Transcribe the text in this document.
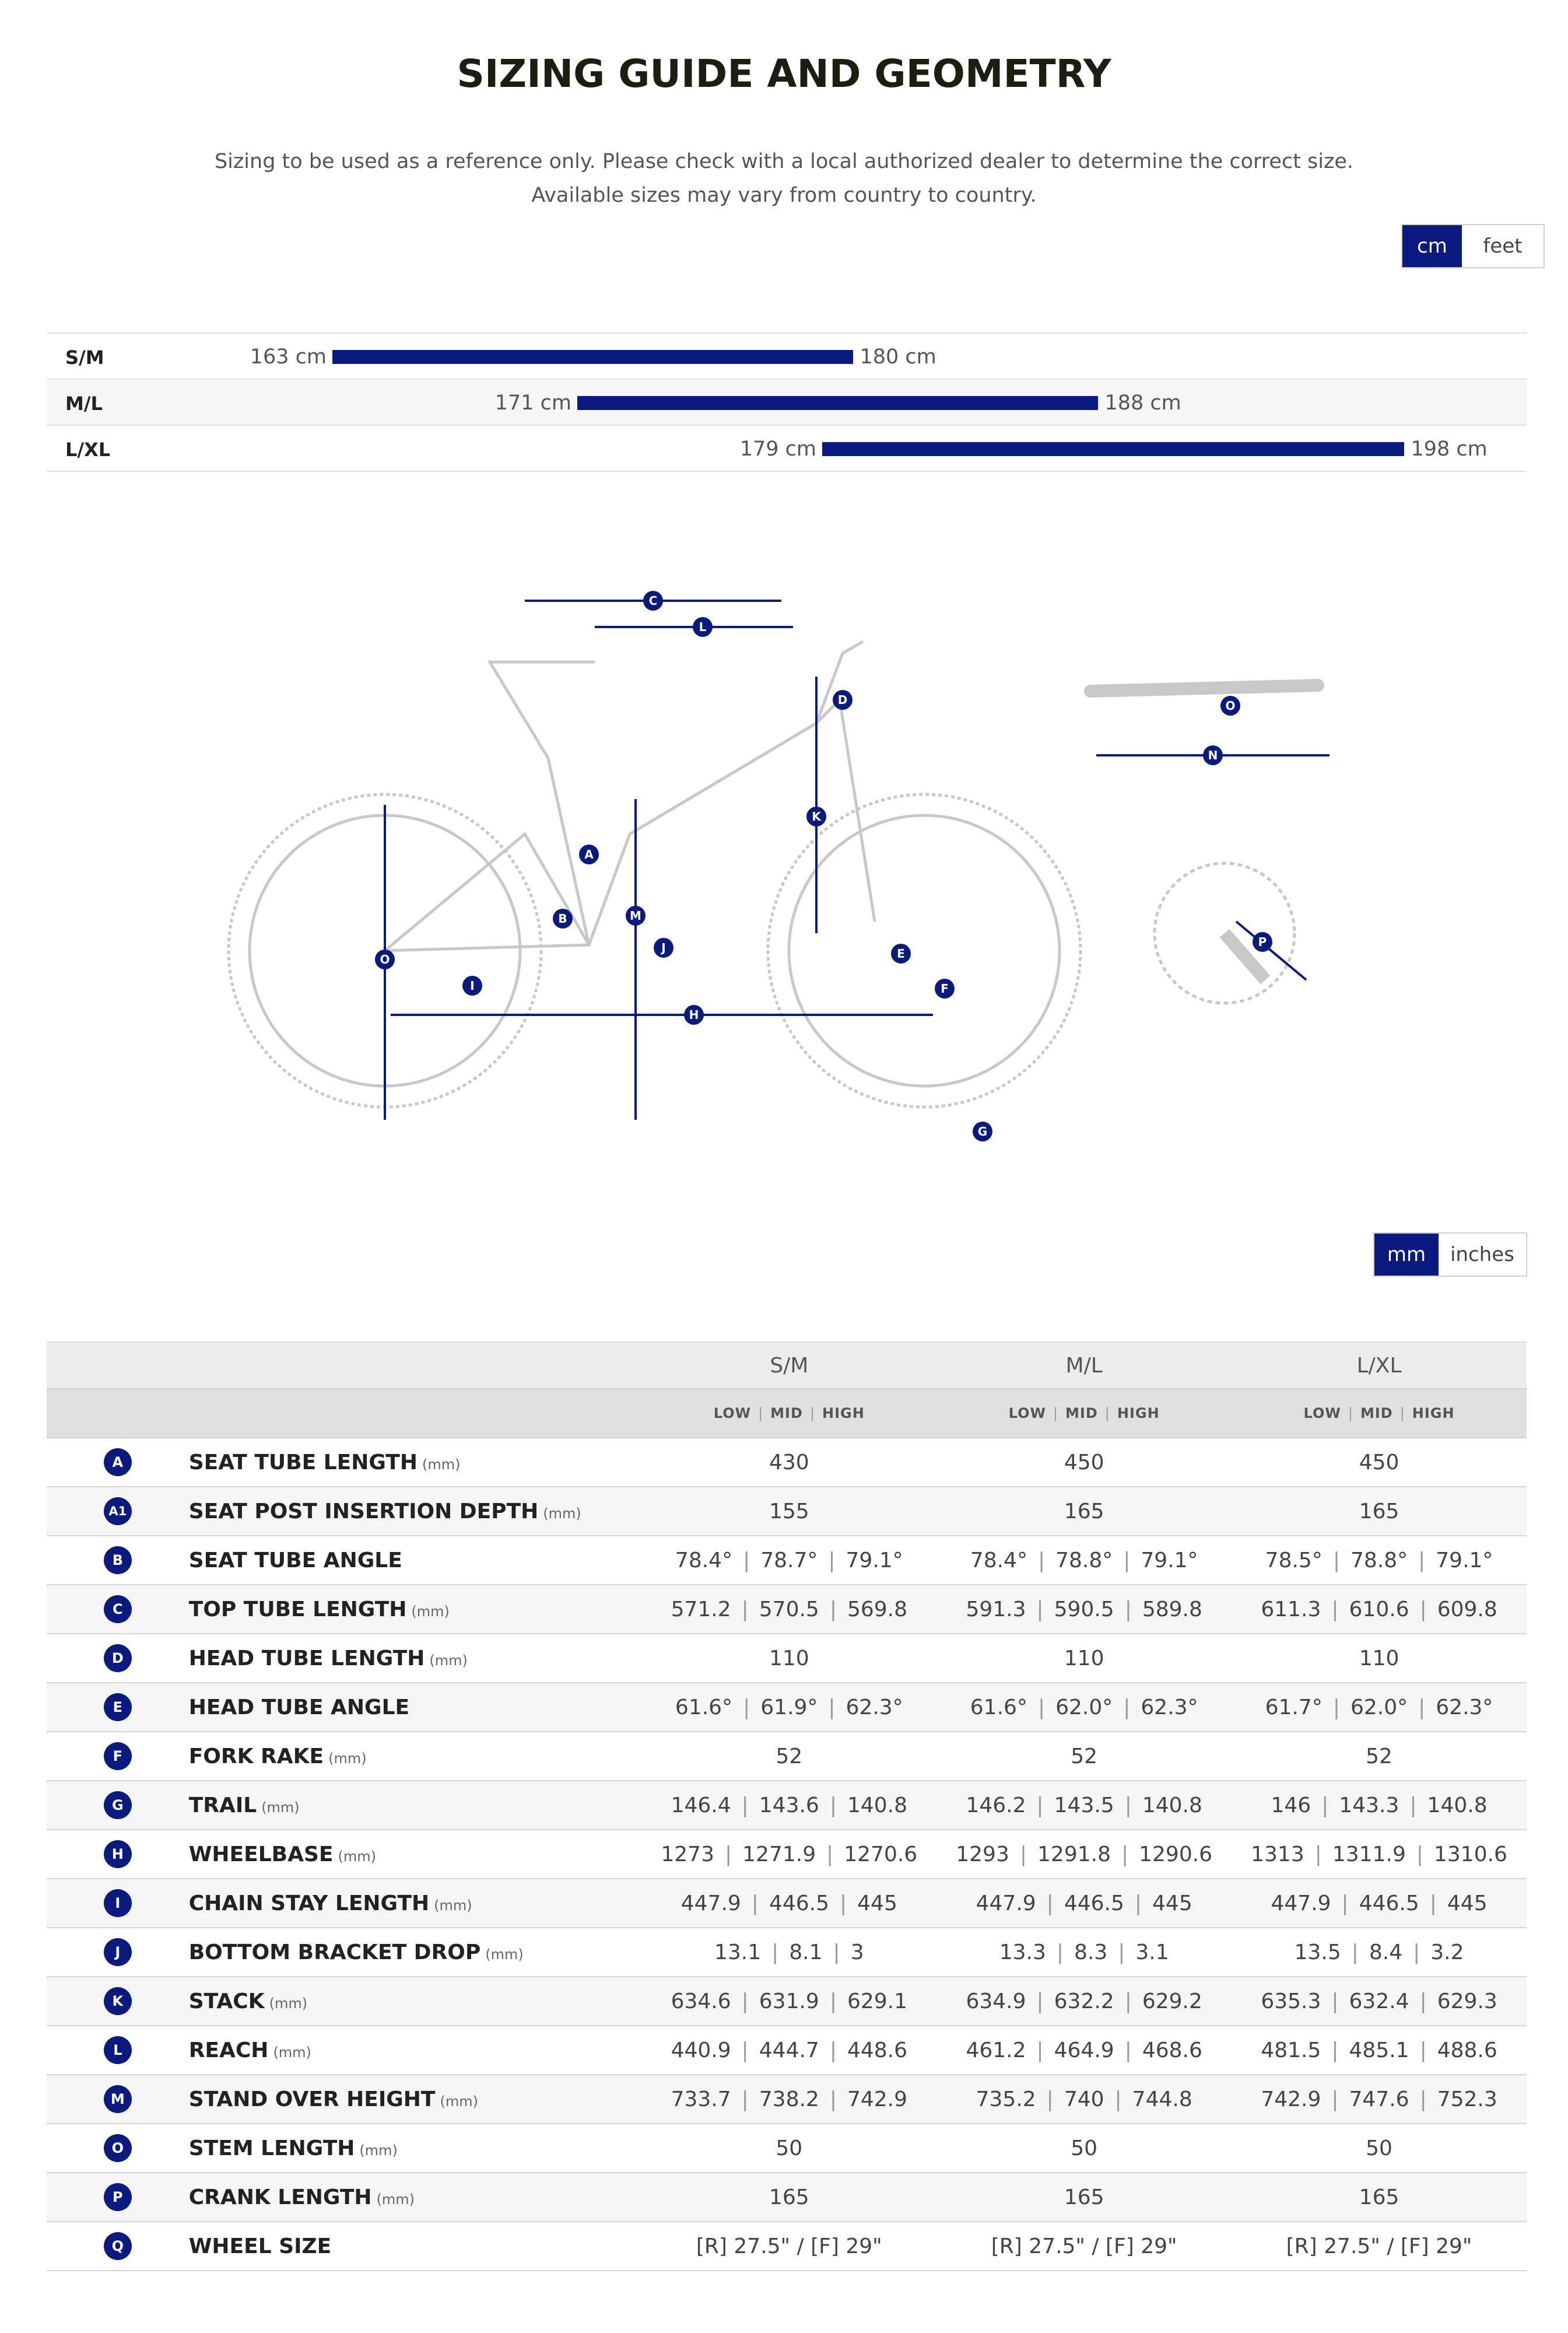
SIZING GUIDE AND GEOMETRY
Sizing to be used as a reference only. Please check with a local authorized dealer to determine the correct size.
Available sizes may vary from country to country.
cm	feet
S/M	163 cm	180 cm
M/L	171 cm	188 cm
L/XL	179 cm	198 cm
C
L
D
K
A
B	M
J
O
I
H
E
F
G
O
N
P
mm	inches
		S/M	M/L	L/XL
		LOW | MID | HIGH	LOW | MID | HIGH	LOW | MID | HIGH
A	SEAT TUBE LENGTH (mm)	430	450	450
A1	SEAT POST INSERTION DEPTH (mm)	155	165	165
B	SEAT TUBE ANGLE	78.4° | 78.7° | 79.1°	78.4° | 78.8° | 79.1°	78.5° | 78.8° | 79.1°
C	TOP TUBE LENGTH (mm)	571.2 | 570.5 | 569.8	591.3 | 590.5 | 589.8	611.3 | 610.6 | 609.8
D	HEAD TUBE LENGTH (mm)	110	110	110
E	HEAD TUBE ANGLE	61.6° | 61.9° | 62.3°	61.6° | 62.0° | 62.3°	61.7° | 62.0° | 62.3°
F	FORK RAKE (mm)	52	52	52
G	TRAIL (mm)	146.4 | 143.6 | 140.8	146.2 | 143.5 | 140.8	146 | 143.3 | 140.8
H	WHEELBASE (mm)	1273 | 1271.9 | 1270.6	1293 | 1291.8 | 1290.6	1313 | 1311.9 | 1310.6
I	CHAIN STAY LENGTH (mm)	447.9 | 446.5 | 445	447.9 | 446.5 | 445	447.9 | 446.5 | 445
J	BOTTOM BRACKET DROP (mm)	13.1 | 8.1 | 3	13.3 | 8.3 | 3.1	13.5 | 8.4 | 3.2
K	STACK (mm)	634.6 | 631.9 | 629.1	634.9 | 632.2 | 629.2	635.3 | 632.4 | 629.3
L	REACH (mm)	440.9 | 444.7 | 448.6	461.2 | 464.9 | 468.6	481.5 | 485.1 | 488.6
M	STAND OVER HEIGHT (mm)	733.7 | 738.2 | 742.9	735.2 | 740 | 744.8	742.9 | 747.6 | 752.3
O	STEM LENGTH (mm)	50	50	50
P	CRANK LENGTH (mm)	165	165	165
Q	WHEEL SIZE	[R] 27.5" / [F] 29"	[R] 27.5" / [F] 29"	[R] 27.5" / [F] 29"
